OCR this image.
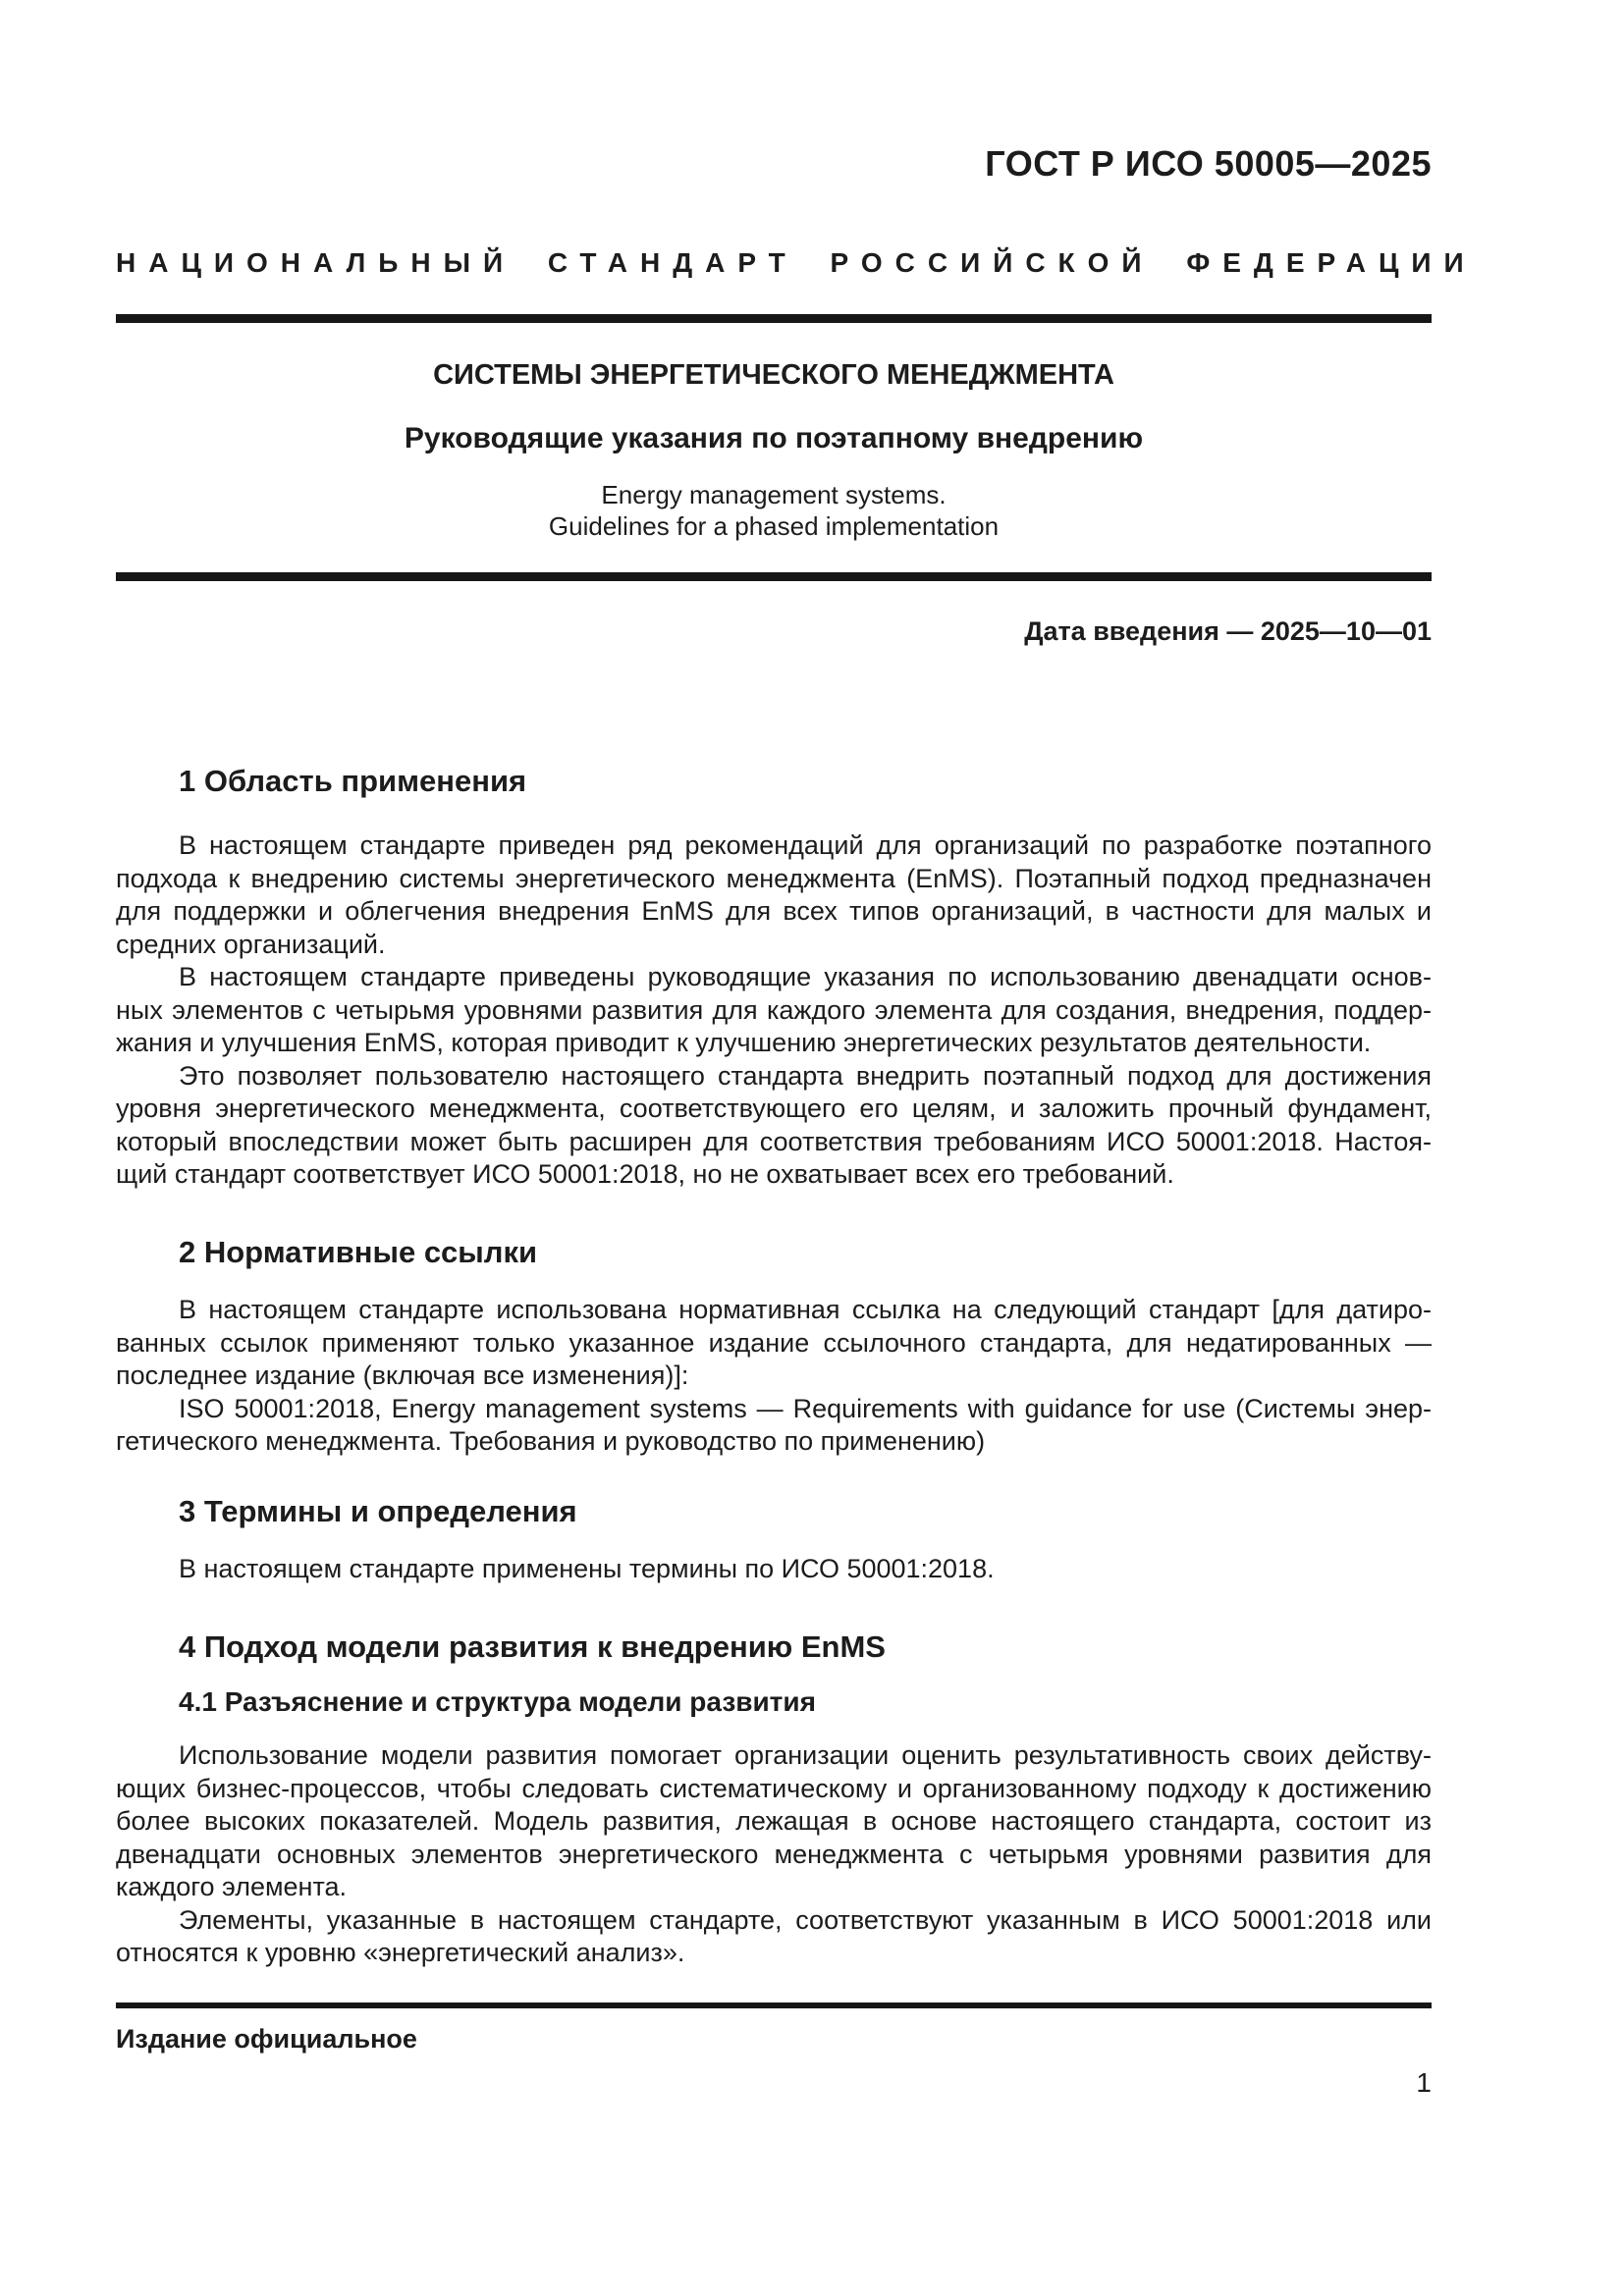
ГОСТ Р ИСО 50005—2025
НАЦИОНАЛЬНЫЙ СТАНДАРТ РОССИЙСКОЙ ФЕДЕРАЦИИ
СИСТЕМЫ ЭНЕРГЕТИЧЕСКОГО МЕНЕДЖМЕНТА
Руководящие указания по поэтапному внедрению
Energy management systems.
Guidelines for a phased implementation
Дата введения — 2025—10—01
1 Область применения
В настоящем стандарте приведен ряд рекомендаций для организаций по разработке поэтапного
подхода к внедрению системы энергетического менеджмента (EnMS). Поэтапный подход предназначен
для поддержки и облегчения внедрения EnMS для всех типов организаций, в частности для малых и
средних организаций.
В настоящем стандарте приведены руководящие указания по использованию двенадцати основ-
ных элементов с четырьмя уровнями развития для каждого элемента для создания, внедрения, поддер-
жания и улучшения EnMS, которая приводит к улучшению энергетических результатов деятельности.
Это позволяет пользователю настоящего стандарта внедрить поэтапный подход для достижения
уровня энергетического менеджмента, соответствующего его целям, и заложить прочный фундамент,
который впоследствии может быть расширен для соответствия требованиям ИСО 50001:2018. Настоя-
щий стандарт соответствует ИСО 50001:2018, но не охватывает всех его требований.
2 Нормативные ссылки
В настоящем стандарте использована нормативная ссылка на следующий стандарт [для датиро-
ванных ссылок применяют только указанное издание ссылочного стандарта, для недатированных —
последнее издание (включая все изменения)]:
ISO 50001:2018, Energy management systems — Requirements with guidance for use (Системы энер-
гетического менеджмента. Требования и руководство по применению)
3 Термины и определения
В настоящем стандарте применены термины по ИСО 50001:2018.
4 Подход модели развития к внедрению EnMS
4.1 Разъяснение и структура модели развития
Использование модели развития помогает организации оценить результативность своих действу-
ющих бизнес-процессов, чтобы следовать систематическому и организованному подходу к достижению
более высоких показателей. Модель развития, лежащая в основе настоящего стандарта, состоит из
двенадцати основных элементов энергетического менеджмента с четырьмя уровнями развития для
каждого элемента.
Элементы, указанные в настоящем стандарте, соответствуют указанным в ИСО 50001:2018 или
относятся к уровню «энергетический анализ».
Издание официальное
1
